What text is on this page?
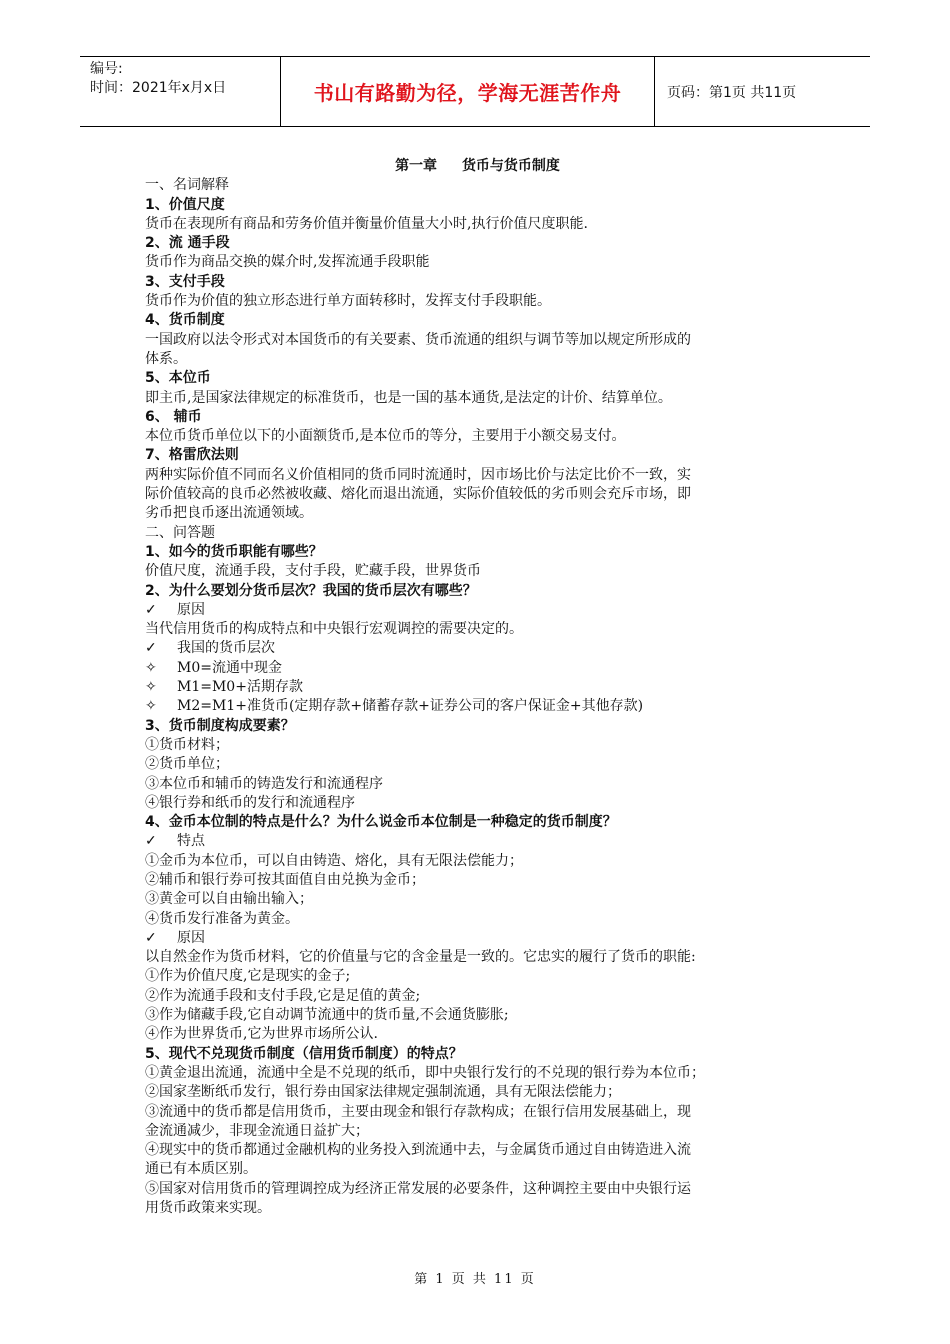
编号:
时间：2021年x月x日	书山有路勤为径，学海无涯苦作舟	页码：第1页 共11页
第一章 货币与货币制度
一、名词解释
1、价值尺度
货币在表现所有商品和劳务价值并衡量价值量大小时,执行价值尺度职能.
2、流 通手段
货币作为商品交换的媒介时,发挥流通手段职能
3、支付手段
货币作为价值的独立形态进行单方面转移时，发挥支付手段职能。
4、货币制度
一国政府以法令形式对本国货币的有关要素、货币流通的组织与调节等加以规定所形成的
体系。
5、本位币
即主币,是国家法律规定的标准货币，也是一国的基本通货,是法定的计价、结算单位。
6、 辅币
本位币货币单位以下的小面额货币,是本位币的等分，主要用于小额交易支付。
7、格雷欣法则
两种实际价值不同而名义价值相同的货币同时流通时，因市场比价与法定比价不一致，实
际价值较高的良币必然被收藏、熔化而退出流通，实际价值较低的劣币则会充斥市场，即
劣币把良币逐出流通领域。
二、问答题
1、如今的货币职能有哪些？
价值尺度，流通手段，支付手段，贮藏手段，世界货币
2、为什么要划分货币层次？我国的货币层次有哪些？
✓ 原因
当代信用货币的构成特点和中央银行宏观调控的需要决定的。
✓ 我国的货币层次
✧ M0=流通中现金
✧ M1=M0+活期存款
✧ M2=M1+准货币(定期存款+储蓄存款+证券公司的客户保证金+其他存款)
3、货币制度构成要素？
①货币材料；
②货币单位；
③本位币和辅币的铸造发行和流通程序
④银行券和纸币的发行和流通程序
4、金币本位制的特点是什么？为什么说金币本位制是一种稳定的货币制度？
✓ 特点
①金币为本位币，可以自由铸造、熔化，具有无限法偿能力；
②辅币和银行券可按其面值自由兑换为金币；
③黄金可以自由输出输入；
④货币发行准备为黄金。
✓ 原因
以自然金作为货币材料，它的价值量与它的含金量是一致的。它忠实的履行了货币的职能:
①作为价值尺度,它是现实的金子;
②作为流通手段和支付手段,它是足值的黄金;
③作为储藏手段,它自动调节流通中的货币量,不会通货膨胀;
④作为世界货币,它为世界市场所公认.
5、现代不兑现货币制度（信用货币制度）的特点？
①黄金退出流通，流通中全是不兑现的纸币，即中央银行发行的不兑现的银行券为本位币；
②国家垄断纸币发行，银行券由国家法律规定强制流通，具有无限法偿能力；
③流通中的货币都是信用货币，主要由现金和银行存款构成；在银行信用发展基础上，现
金流通减少，非现金流通日益扩大；
④现实中的货币都通过金融机构的业务投入到流通中去，与金属货币通过自由铸造进入流
通已有本质区别。
⑤国家对信用货币的管理调控成为经济正常发展的必要条件，这种调控主要由中央银行运
用货币政策来实现。
第 1 页 共 11 页
